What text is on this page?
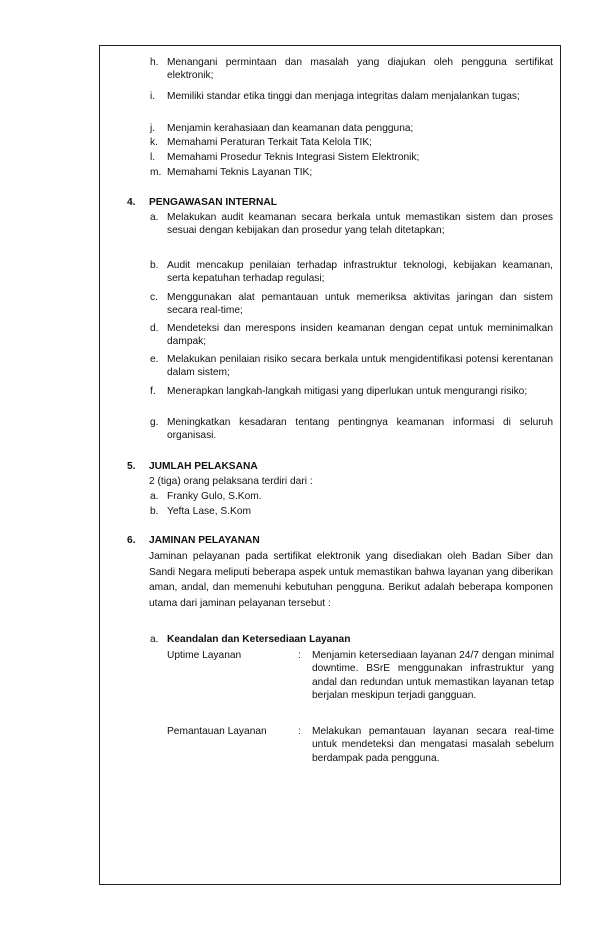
h. Menangani permintaan dan masalah yang diajukan oleh pengguna sertifikat elektronik;
i. Memiliki standar etika tinggi dan menjaga integritas dalam menjalankan tugas;
j. Menjamin kerahasiaan dan keamanan data pengguna;
k. Memahami Peraturan Terkait Tata Kelola TIK;
l. Memahami Prosedur Teknis Integrasi Sistem Elektronik;
m. Memahami Teknis Layanan TIK;
4. PENGAWASAN INTERNAL
a. Melakukan audit keamanan secara berkala untuk memastikan sistem dan proses sesuai dengan kebijakan dan prosedur yang telah ditetapkan;
b. Audit mencakup penilaian terhadap infrastruktur teknologi, kebijakan keamanan, serta kepatuhan terhadap regulasi;
c. Menggunakan alat pemantauan untuk memeriksa aktivitas jaringan dan sistem secara real-time;
d. Mendeteksi dan merespons insiden keamanan dengan cepat untuk meminimalkan dampak;
e. Melakukan penilaian risiko secara berkala untuk mengidentifikasi potensi kerentanan dalam sistem;
f. Menerapkan langkah-langkah mitigasi yang diperlukan untuk mengurangi risiko;
g. Meningkatkan kesadaran tentang pentingnya keamanan informasi di seluruh organisasi.
5. JUMLAH PELAKSANA
2 (tiga) orang pelaksana terdiri dari :
a. Franky Gulo, S.Kom.
b. Yefta Lase, S.Kom
6. JAMINAN PELAYANAN
Jaminan pelayanan pada sertifikat elektronik yang disediakan oleh Badan Siber dan Sandi Negara meliputi beberapa aspek untuk memastikan bahwa layanan yang diberikan aman, andal, dan memenuhi kebutuhan pengguna. Berikut adalah beberapa komponen utama dari jaminan pelayanan tersebut :
a. Keandalan dan Ketersediaan Layanan
Uptime Layanan	: Menjamin ketersediaan layanan 24/7 dengan minimal downtime. BSrE menggunakan infrastruktur yang andal dan redundan untuk memastikan layanan tetap berjalan meskipun terjadi gangguan.
Pemantauan Layanan	: Melakukan pemantauan layanan secara real-time untuk mendeteksi dan mengatasi masalah sebelum berdampak pada pengguna.
